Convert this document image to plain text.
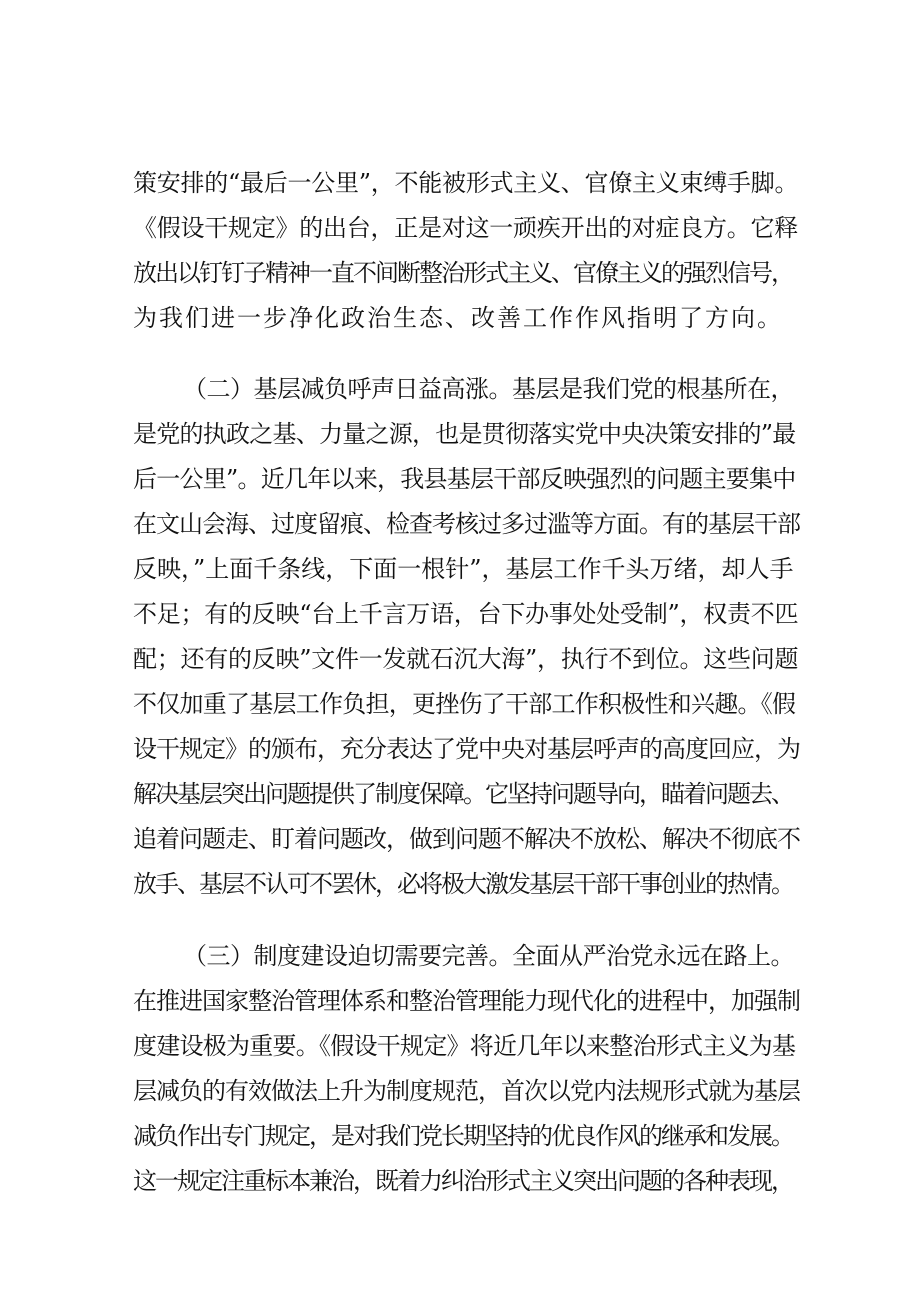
策安排的“最后一公里”，不能被形式主义、官僚主义束缚手脚。
《假设干规定》的出台，正是对这一顽疾开出的对症良方。它释
放出以钉钉子精神一直不间断整治形式主义、官僚主义的强烈信号，
为我们进一步净化政治生态、改善工作作风指明了方向。
（二）基层减负呼声日益高涨。基层是我们党的根基所在，
是党的执政之基、力量之源，也是贯彻落实党中央决策安排的”最
后一公里”。近几年以来，我县基层干部反映强烈的问题主要集中
在文山会海、过度留痕、检查考核过多过滥等方面。有的基层干部
反映，”上面千条线，下面一根针”，基层工作千头万绪，却人手
不足；有的反映“台上千言万语，台下办事处处受制”，权责不匹
配；还有的反映”文件一发就石沉大海”，执行不到位。这些问题
不仅加重了基层工作负担，更挫伤了干部工作积极性和兴趣。《假
设干规定》的颁布，充分表达了党中央对基层呼声的高度回应，为
解决基层突出问题提供了制度保障。它坚持问题导向，瞄着问题去、
追着问题走、盯着问题改，做到问题不解决不放松、解决不彻底不
放手、基层不认可不罢休，必将极大激发基层干部干事创业的热情。
（三）制度建设迫切需要完善。全面从严治党永远在路上。
在推进国家整治管理体系和整治管理能力现代化的进程中，加强制
度建设极为重要。《假设干规定》将近几年以来整治形式主义为基
层减负的有效做法上升为制度规范，首次以党内法规形式就为基层
减负作出专门规定，是对我们党长期坚持的优良作风的继承和发展。
这一规定注重标本兼治，既着力纠治形式主义突出问题的各种表现，
